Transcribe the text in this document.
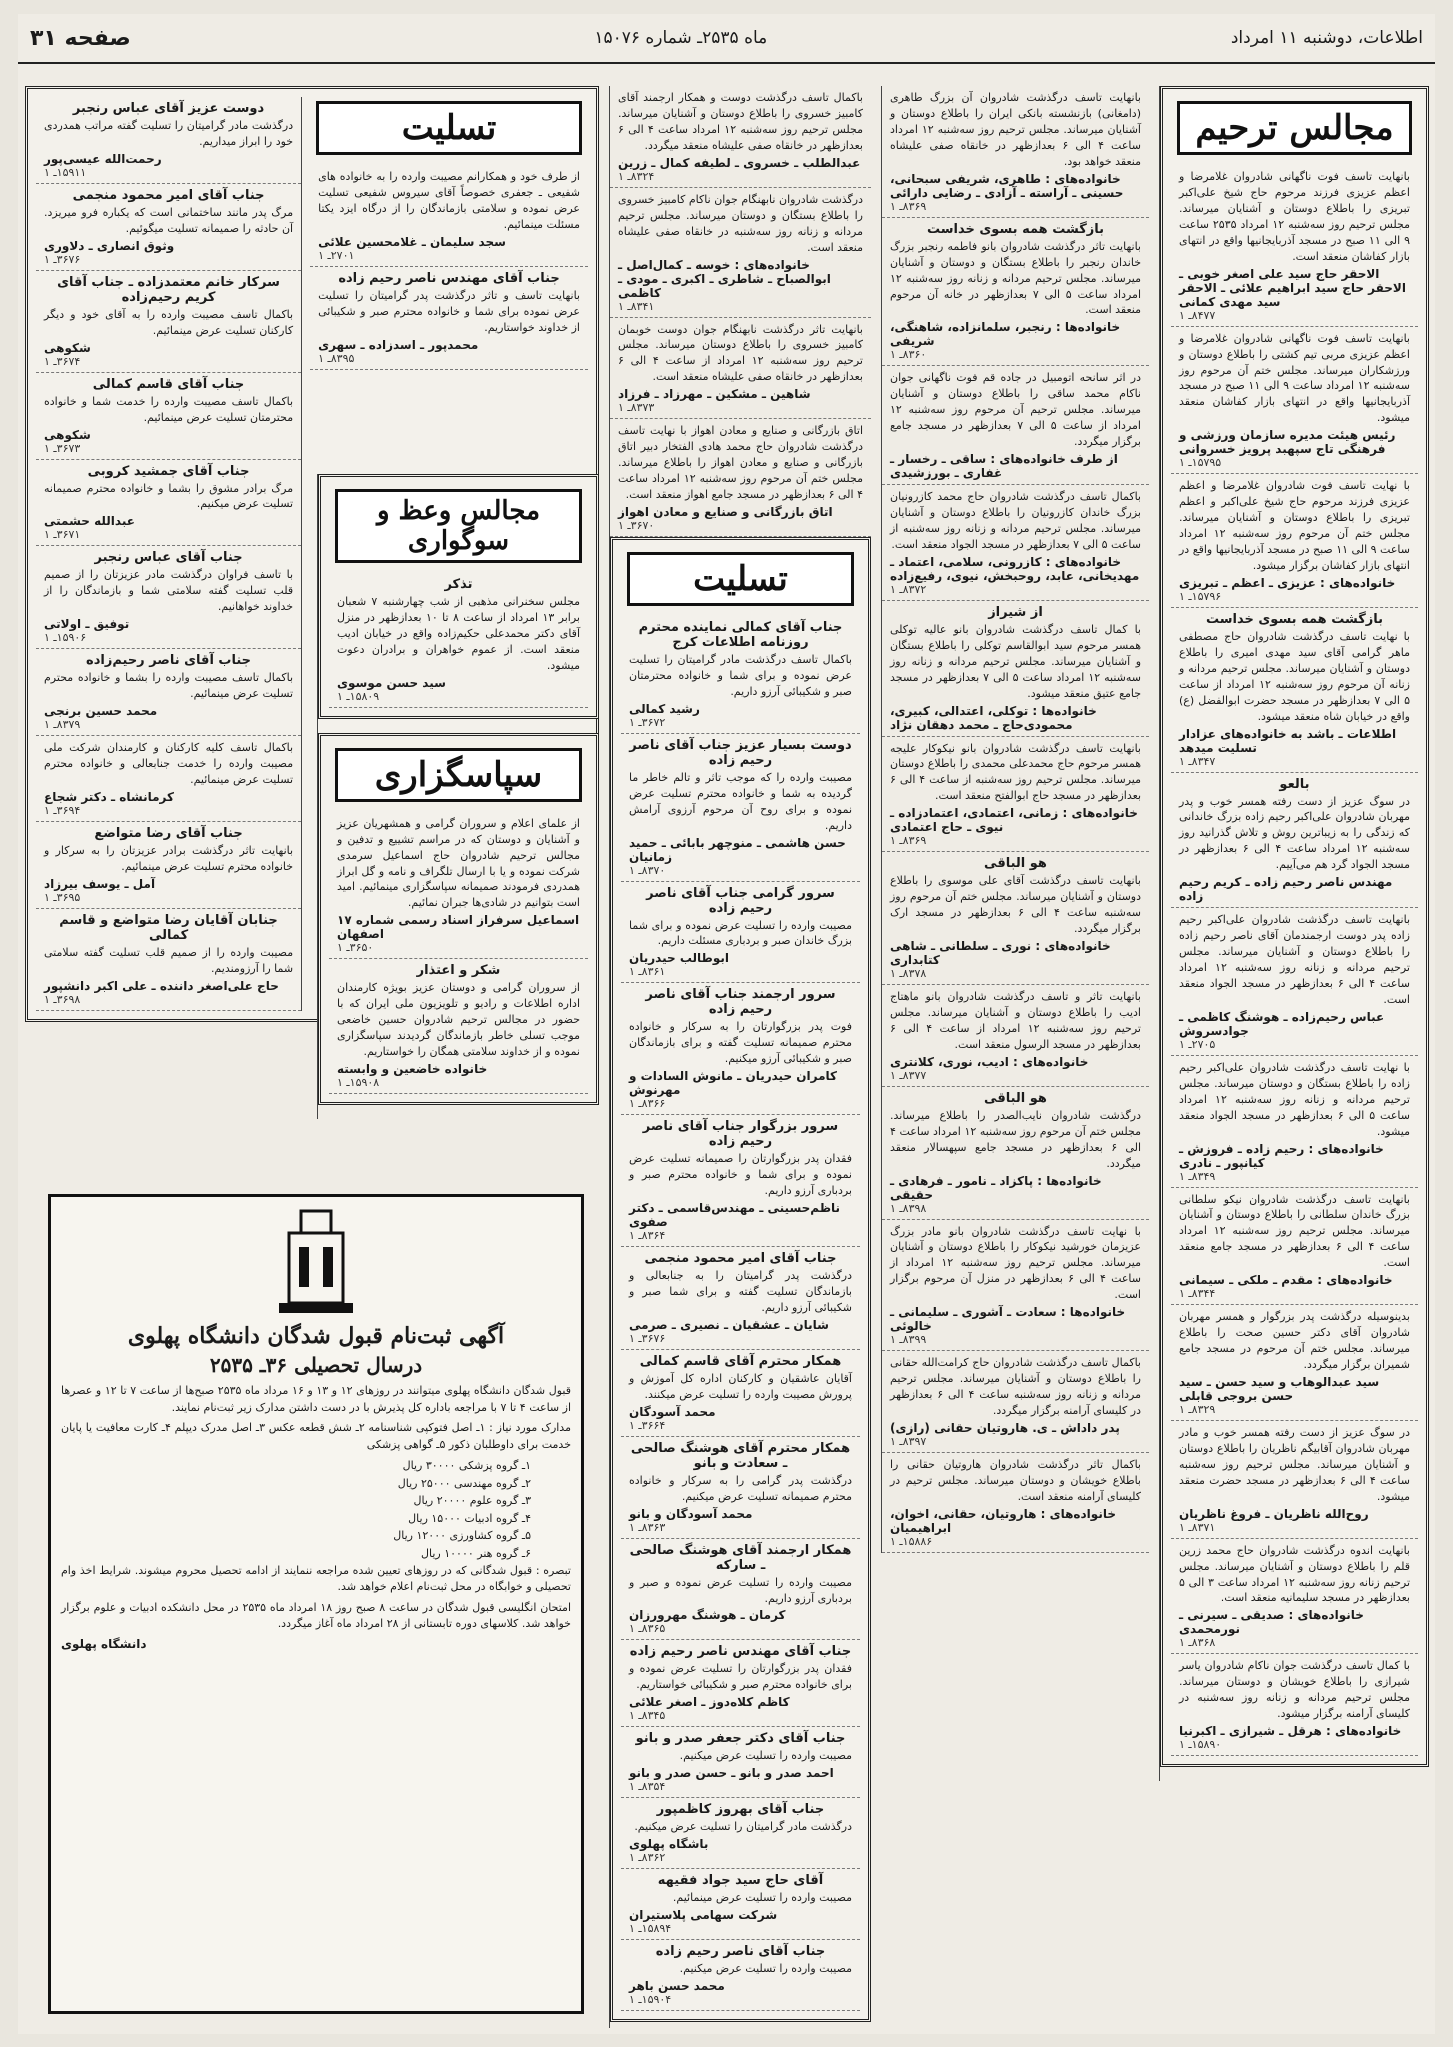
اطلاعات، دوشنبه ۱۱ امرداد
ماه ۲۵۳۵ـ شماره ۱۵۰۷۶
صفحه ۳۱
مجالس ترحیم

بانهایت تاسف فوت ناگهانی شادروان غلامرضا و اعظم عزیزی فرزند مرحوم حاج شیخ علی‌اکبر تبریزی را باطلاع دوستان و آشنایان میرساند. مجلس ترحیم روز سه‌شنبه ۱۲ امرداد ۲۵۳۵ ساعت ۹ الی ۱۱ صبح در مسجد آذربایجانیها واقع در انتهای بازار کفاشان منعقد است.

الاحقر حاج سید علی اصغر خوبی ـ الاحقر حاج سید ابراهیم علائی ـ الاحقر سید مهدی کمانی
۸۴۷۷ـ ۱

بانهایت تاسف فوت ناگهانی شادروان غلامرضا و اعظم عزیزی مربی تیم کشتی را باطلاع دوستان و ورزشکاران میرساند. مجلس ختم آن مرحوم روز سه‌شنبه ۱۲ امرداد ساعت ۹ الی ۱۱ صبح در مسجد آذربایجانیها واقع در انتهای بازار کفاشان منعقد میشود.

رئیس هیئت مدیره سازمان ورزشی و فرهنگی تاج سپهبد پرویز خسروانی
۱۵۷۹۵ـ ۱

با نهایت تاسف فوت شادروان غلامرضا و اعظم عزیزی فرزند مرحوم حاج شیخ علی‌اکبر و اعظم تبریزی را باطلاع دوستان و آشنایان میرساند. مجلس ختم آن مرحوم روز سه‌شنبه ۱۲ امرداد ساعت ۹ الی ۱۱ صبح در مسجد آذربایجانیها واقع در انتهای بازار کفاشان برگزار میشود.

خانواده‌های : عزیزی ـ اعظم ـ تبریزی
۱۵۷۹۶ـ ۱
بازگشت همه بسوی خداست

با نهایت تاسف درگذشت شادروان حاج مصطفی ماهر گرامی آقای سید مهدی امیری را باطلاع دوستان و آشنایان میرساند. مجلس ترحیم مردانه و زنانه آن مرحوم روز سه‌شنبه ۱۲ امرداد از ساعت ۵ الی ۷ بعدازظهر در مسجد حضرت ابوالفضل (ع) واقع در خیابان شاه منعقد میشود.

اطلاعات ـ باشد به خانواده‌های عزادار تسلیت میدهد
۸۳۴۷ـ ۱
بالعو

در سوگ عزیز از دست رفته همسر خوب و پدر مهربان شادروان علی‌اکبر رحیم زاده بزرگ خاندانی که زندگی را به زیباترین روش و تلاش گذرانید روز سه‌شنبه ۱۲ امرداد ساعت ۴ الی ۶ بعدازظهر در مسجد الجواد گرد هم می‌آییم.

مهندس ناصر رحیم زاده ـ کریم رحیم زاده

بانهایت تاسف درگذشت شادروان علی‌اکبر رحیم زاده پدر دوست ارجمندمان آقای ناصر رحیم زاده را باطلاع دوستان و آشنایان میرساند. مجلس ترحیم مردانه و زنانه روز سه‌شنبه ۱۲ امرداد ساعت ۴ الی ۶ بعدازظهر در مسجد الجواد منعقد است.

عباس رحیم‌زاده ـ هوشنگ کاظمی ـ جوادسروش
۲۷۰۵ـ ۱

با نهایت تاسف درگذشت شادروان علی‌اکبر رحیم زاده را باطلاع بستگان و دوستان میرساند. مجلس ترحیم مردانه و زنانه روز سه‌شنبه ۱۲ امرداد ساعت ۵ الی ۶ بعدازظهر در مسجد الجواد منعقد میشود.

خانواده‌های : رحیم زاده ـ فروزش ـ کیانپور ـ نادری
۸۳۴۹ـ ۱

بانهایت تاسف درگذشت شادروان نیکو سلطانی بزرگ خاندان سلطانی را باطلاع دوستان و آشنایان میرساند. مجلس ترحیم روز سه‌شنبه ۱۲ امرداد ساعت ۴ الی ۶ بعدازظهر در مسجد جامع منعقد است.

خانواده‌های : مقدم ـ ملکی ـ سیمانی
۸۳۴۴ـ ۱

بدینوسیله درگذشت پدر بزرگوار و همسر مهربان شادروان آقای دکتر حسین صحت را باطلاع میرساند. مجلس ختم آن مرحوم در مسجد جامع شمیران برگزار میگردد.

سید عبدالوهاب و سید حسن ـ سید حسن بروجی قابلی
۸۳۲۹ـ ۱

در سوگ عزیز از دست رفته همسر خوب و مادر مهربان شادروان آقابیگم ناظریان را باطلاع دوستان و آشنایان میرساند. مجلس ترحیم روز سه‌شنبه ساعت ۴ الی ۶ بعدازظهر در مسجد حضرت منعقد میشود.

روح‌الله ناظریان ـ فروغ ناظریان
۸۳۷۱ـ ۱

بانهایت اندوه درگذشت شادروان حاج محمد زرین قلم را باطلاع دوستان و آشنایان میرساند. مجلس ترحیم زنانه روز سه‌شنبه ۱۲ امرداد ساعت ۳ الی ۵ بعدازظهر در مسجد سلیمانیه منعقد است.

خانواده‌های : صدیقی ـ سیرنی ـ نورمحمدی
۸۳۶۸ـ ۱

با کمال تاسف درگذشت جوان ناکام شادروان یاسر شیرازی را باطلاع خویشان و دوستان میرساند. مجلس ترحیم مردانه و زنانه روز سه‌شنبه در کلیسای آرامنه برگزار میشود.

خانواده‌های : هرقل ـ شیرازی ـ اکبرنیا
۱۵۸۹۰ـ ۱

بانهایت تاسف درگذشت شادروان آن بزرگ طاهری (دامغانی) بازنشسته بانکی ایران را باطلاع دوستان و آشنایان میرساند. مجلس ترحیم روز سه‌شنبه ۱۲ امرداد ساعت ۴ الی ۶ بعدازظهر در خانقاه صفی علیشاه منعقد خواهد بود.

خانواده‌های : طاهری، شریفی سبحانی، حسینی ـ آراسته ـ آزادی ـ رضایی دارائی
۸۳۶۹ـ ۱
بازگشت همه بسوی خداست

بانهایت تاثر درگذشت شادروان بانو فاطمه رنجبر بزرگ خاندان رنجبر را باطلاع بستگان و دوستان و آشنایان میرساند. مجلس ترحیم مردانه و زنانه روز سه‌شنبه ۱۲ امرداد ساعت ۵ الی ۷ بعدازظهر در خانه آن مرحوم منعقد است.

خانواده‌ها : رنجبر، سلمانزاده، شاهنگی، شریفی
۸۳۶۰ـ ۱

در اثر سانحه اتومبیل در جاده قم فوت ناگهانی جوان ناکام محمد ساقی را باطلاع دوستان و آشنایان میرساند. مجلس ترحیم آن مرحوم روز سه‌شنبه ۱۲ امرداد از ساعت ۵ الی ۷ بعدازظهر در مسجد جامع برگزار میگردد.

از طرف خانواده‌های : ساقی ـ رخسار ـ غفاری ـ بورزشیدی

باکمال تاسف درگذشت شادروان حاج محمد کازرونیان بزرگ خاندان کازرونیان را باطلاع دوستان و آشنایان میرساند. مجلس ترحیم مردانه و زنانه روز سه‌شنبه از ساعت ۵ الی ۷ بعدازظهر در مسجد الجواد منعقد است.

خانواده‌های : کازرونی، سلامی، اعتماد ـ مهدیخانی، عابد، روحبخش، نیوی، رفیع‌زاده
۸۳۷۲ـ ۱
از شیراز

با کمال تاسف درگذشت شادروان بانو عالیه توکلی همسر مرحوم سید ابوالقاسم توکلی را باطلاع بستگان و آشنایان میرساند. مجلس ترحیم مردانه و زنانه روز سه‌شنبه ۱۲ امرداد ساعت ۵ الی ۷ بعدازظهر در مسجد جامع عتیق منعقد میشود.

خانواده‌ها : توکلی، اعتدالی، کبیری، محمودی‌حاج ـ محمد دهقان نژاد

بانهایت تاسف درگذشت شادروان بانو نیکوکار علیجه همسر مرحوم حاج محمدعلی محمدی را باطلاع دوستان میرساند. مجلس ترحیم روز سه‌شنبه از ساعت ۴ الی ۶ بعدازظهر در مسجد حاج ابوالفتح منعقد است.

خانواده‌های : زمانی، اعتمادی، اعتمادزاده ـ نیوی ـ حاج اعتمادی
۸۳۶۹ـ ۱
هو الباقی

بانهایت تاسف درگذشت آقای علی موسوی را باطلاع دوستان و آشنایان میرساند. مجلس ختم آن مرحوم روز سه‌شنبه ساعت ۴ الی ۶ بعدازظهر در مسجد ارک برگزار میگردد.

خانواده‌های : نوری ـ سلطانی ـ شاهی کتابداری
۸۳۷۸ـ ۱

بانهایت تاثر و تاسف درگذشت شادروان بانو ماهتاج ادیب را باطلاع دوستان و آشنایان میرساند. مجلس ترحیم روز سه‌شنبه ۱۲ امرداد از ساعت ۴ الی ۶ بعدازظهر در مسجد الرسول منعقد است.

خانواده‌های : ادیب، نوری، کلانتری
۸۳۷۷ـ ۱
هو الباقی

درگذشت شادروان نایب‌الصدر را باطلاع میرساند. مجلس ختم آن مرحوم روز سه‌شنبه ۱۲ امرداد ساعت ۴ الی ۶ بعدازظهر در مسجد جامع سپهسالار منعقد میگردد.

خانواده‌ها : پاکزاد ـ نامور ـ فرهادی ـ حقیقی
۸۳۹۸ـ ۱

با نهایت تاسف درگذشت شادروان بانو مادر بزرگ عزیزمان خورشید نیکوکار را باطلاع دوستان و آشنایان میرساند. مجلس ترحیم روز سه‌شنبه ۱۲ امرداد از ساعت ۴ الی ۶ بعدازظهر در منزل آن مرحوم برگزار است.

خانواده‌ها : سعادت ـ آشوری ـ سلیمانی ـ خالوئی
۸۳۹۹ـ ۱

باکمال تاسف درگذشت شادروان حاج کرامت‌الله حقانی را باطلاع دوستان و آشنایان میرساند. مجلس ترحیم مردانه و زنانه روز سه‌شنبه ساعت ۴ الی ۶ بعدازظهر در کلیسای آرامنه برگزار میگردد.

پدر داداش ـ ی. هاروتیان حقانی (رازی)
۸۳۹۷ـ ۱

باکمال تاثر درگذشت شادروان هاروتیان حقانی را باطلاع خویشان و دوستان میرساند. مجلس ترحیم در کلیسای آرامنه منعقد است.

خانواده‌های : هاروتیان، حقانی، اخوان، ابراهیمیان
۱۵۸۸۶ـ ۱

باکمال تاسف درگذشت دوست و همکار ارجمند آقای کامبیز خسروی را باطلاع دوستان و آشنایان میرساند. مجلس ترحیم روز سه‌شنبه ۱۲ امرداد ساعت ۴ الی ۶ بعدازظهر در خانقاه صفی علیشاه منعقد میگردد.

عبدالطلب ـ خسروی ـ لطیفه کمال ـ زرین
۸۳۲۴ـ ۱

درگذشت شادروان نابهنگام جوان ناکام کامبیز خسروی را باطلاع بستگان و دوستان میرساند. مجلس ترحیم مردانه و زنانه روز سه‌شنبه در خانقاه صفی علیشاه منعقد است.

خانواده‌های : خوسه ـ کمال‌اصل ـ ابوالصباح ـ شاطری ـ اکبری ـ مودی ـ کاظمی
۸۳۴۱ـ ۱

بانهایت تاثر درگذشت نابهنگام جوان دوست خوبمان کامبیز خسروی را باطلاع دوستان میرساند. مجلس ترحیم روز سه‌شنبه ۱۲ امرداد از ساعت ۴ الی ۶ بعدازظهر در خانقاه صفی علیشاه منعقد است.

شاهین ـ مشکین ـ مهرزاد ـ فرزاد
۸۳۷۳ـ ۱

اتاق بازرگانی و صنایع و معادن اهواز با نهایت تاسف درگذشت شادروان حاج محمد هادی الفتخار دبیر اتاق بازرگانی و صنایع و معادن اهواز را باطلاع میرساند. مجلس ختم آن مرحوم روز سه‌شنبه ۱۲ امرداد ساعت ۴ الی ۶ بعدازظهر در مسجد جامع اهواز منعقد است.

اتاق بازرگانی و صنایع و معادن اهواز
۳۶۷۰ـ ۱
تسلیت
جناب آقای کمالی نماینده محترم روزنامه اطلاعات کرج

باکمال تاسف درگذشت مادر گرامیتان را تسلیت عرض نموده و برای شما و خانواده محترمتان صبر و شکیبائی آرزو داریم.

رشید کمالی
۳۶۷۲ـ ۱
دوست بسیار عزیز جناب آقای ناصر رحیم زاده

مصیبت وارده را که موجب تاثر و تالم خاطر ما گردیده به شما و خانواده محترم تسلیت عرض نموده و برای روح آن مرحوم آرزوی آرامش داریم.

حسن هاشمی ـ منوچهر بابائی ـ حمید زمانیان
۸۳۷۰ـ ۱
سرور گرامی جناب آقای ناصر رحیم زاده

مصیبت وارده را تسلیت عرض نموده و برای شما بزرگ خاندان صبر و بردباری مسئلت داریم.

ابوطالب حیدریان
۸۳۶۱ـ ۱
سرور ارجمند جناب آقای ناصر رحیم زاده

فوت پدر بزرگوارتان را به سرکار و خانواده محترم صمیمانه تسلیت گفته و برای بازماندگان صبر و شکیبائی آرزو میکنیم.

کامران حیدریان ـ مانوش السادات و مهرنوش
۸۳۶۶ـ ۱
سرور بزرگوار جناب آقای ناصر رحیم زاده

فقدان پدر بزرگوارتان را صمیمانه تسلیت عرض نموده و برای شما و خانواده محترم صبر و بردباری آرزو داریم.

ناظم‌حسینی ـ مهندس‌قاسمی ـ دکتر صفوی
۸۳۶۴ـ ۱
جناب آقای امیر محمود منجمی

درگذشت پدر گرامیتان را به جنابعالی و بازماندگان تسلیت گفته و برای شما صبر و شکیبائی آرزو داریم.

شایان ـ عشقیان ـ نصیری ـ صرمی
۳۶۷۶ـ ۱
همکار محترم آقای قاسم کمالی

آقایان عاشقیان و کارکنان اداره کل آموزش و پرورش مصیبت وارده را تسلیت عرض میکنند.

محمد آسودگان
۳۶۶۴ـ ۱
همکار محترم آقای هوشنگ صالحی ـ سعادت و بانو

درگذشت پدر گرامی را به سرکار و خانواده محترم صمیمانه تسلیت عرض میکنیم.

محمد آسودگان و بانو
۸۳۶۳ـ ۱
همکار ارجمند آقای هوشنگ صالحی ـ سارکه

مصیبت وارده را تسلیت عرض نموده و صبر و بردباری آرزو داریم.

کرمان ـ هوشنگ مهرورزان
۸۳۶۵ـ ۱
جناب آقای مهندس ناصر رحیم زاده

فقدان پدر بزرگوارتان را تسلیت عرض نموده و برای خانواده محترم صبر و شکیبائی خواستاریم.

کاظم کلاه‌دوز ـ اصغر علائی
۸۳۴۵ـ ۱
جناب آقای دکتر جعفر صدر و بانو

مصیبت وارده را تسلیت عرض میکنیم.

احمد صدر و بانو ـ حسن صدر و بانو
۸۳۵۴ـ ۱
جناب آقای بهروز کاظمپور

درگذشت مادر گرامیتان را تسلیت عرض میکنیم.

باشگاه پهلوی
۸۳۶۲ـ ۱
آقای حاج سید جواد فقیهه

مصیبت وارده را تسلیت عرض مینمائیم.

شرکت سهامی پلاستیران
۱۵۸۹۴ـ ۱
جناب آقای ناصر رحیم زاده

مصیبت وارده را تسلیت عرض میکنیم.

محمد حسن باهر
۱۵۹۰۴ـ ۱
تسلیت

از طرف خود و همکارانم مصیبت وارده را به خانواده های شفیعی ـ جعفری خصوصاً آقای سیروس شفیعی تسلیت عرض نموده و سلامتی بازماندگان را از درگاه ایزد یکتا مسئلت مینمائیم.

سجد سلیمان ـ غلامحسین علائی
۲۷۰۱ـ ۱
جناب آقای مهندس ناصر رحیم زاده

بانهایت تاسف و تاثر درگذشت پدر گرامیتان را تسلیت عرض نموده برای شما و خانواده محترم صبر و شکیبائی از خداوند خواستاریم.

محمدپور ـ اسدزاده ـ سهری
۸۳۹۵ـ ۱
دوست عزیز آقای عباس رنجبر

درگذشت مادر گرامیتان را تسلیت گفته مراتب همدردی خود را ابراز میداریم.

رحمت‌الله عیسی‌پور
۱۵۹۱۱ـ ۱
جناب آقای امیر محمود منجمی

مرگ پدر مانند ساختمانی است که یکباره فرو میریزد. آن حادثه را صمیمانه تسلیت میگوئیم.

وثوق انصاری ـ دلاوری
۳۶۷۶ـ ۱
سرکار خانم معتمدزاده ـ جناب آقای کریم رحیم‌زاده

باکمال تاسف مصیبت وارده را به آقای خود و دیگر کارکنان تسلیت عرض مینمائیم.

شکوهی
۳۶۷۴ـ ۱
جناب آقای قاسم کمالی

باکمال تاسف مصیبت وارده را خدمت شما و خانواده محترمتان تسلیت عرض مینمائیم.

شکوهی
۳۶۷۳ـ ۱
جناب آقای جمشید کروبی

مرگ برادر مشوق را بشما و خانواده محترم صمیمانه تسلیت عرض میکنیم.

عبدالله حشمتی
۳۶۷۱ـ ۱
جناب آقای عباس رنجبر

با تاسف فراوان درگذشت مادر عزیزتان را از صمیم قلب تسلیت گفته سلامتی شما و بازماندگان را از خداوند خواهانیم.

توفیق ـ اولاتی
۱۵۹۰۶ـ ۱
جناب آقای ناصر رحیم‌زاده

باکمال تاسف مصیبت وارده را بشما و خانواده محترم تسلیت عرض مینمائیم.

محمد حسین برنجی
۸۳۷۹ـ ۱

باکمال تاسف کلیه کارکنان و کارمندان شرکت ملی مصیبت وارده را خدمت جنابعالی و خانواده محترم تسلیت عرض مینمائیم.

کرمانشاه ـ دکتر شجاع
۳۶۹۴ـ ۱
جناب آقای رضا متواضع

بانهایت تاثر درگذشت برادر عزیزتان را به سرکار و خانواده محترم تسلیت عرض مینمائیم.

آمل ـ یوسف بیرزاد
۳۶۹۵ـ ۱
جنابان آقایان رضا متواضع و قاسم کمالی

مصیبت وارده را از صمیم قلب تسلیت گفته سلامتی شما را آرزومندیم.

حاج علی‌اصغر داننده ـ علی اکبر دانشپور
۳۶۹۸ـ ۱
مجالس وعظ و سوگواری
تذکر

مجلس سخنرانی مذهبی از شب چهارشنبه ۷ شعبان برابر ۱۳ امرداد از ساعت ۸ تا ۱۰ بعدازظهر در منزل آقای دکتر محمدعلی حکیم‌زاده واقع در خیابان ادیب منعقد است. از عموم خواهران و برادران دعوت میشود.

سید حسن موسوی
۱۵۸۰۹ـ ۱
سپاسگزاری

از علمای اعلام و سروران گرامی و همشهریان عزیز و آشنایان و دوستان که در مراسم تشییع و تدفین و مجالس ترحیم شادروان حاج اسماعیل سرمدی شرکت نموده و یا با ارسال تلگراف و نامه و گل ابراز همدردی فرمودند صمیمانه سپاسگزاری مینمائیم. امید است بتوانیم در شادی‌ها جبران نمائیم.

اسماعیل سرفراز اسناد رسمی شماره ۱۷ اصفهان
۳۶۵۰ـ ۱
شکر و اعتذار

از سروران گرامی و دوستان عزیز بویژه کارمندان اداره اطلاعات و رادیو و تلویزیون ملی ایران که با حضور در مجالس ترحیم شادروان حسین خاضعی موجب تسلی خاطر بازماندگان گردیدند سپاسگزاری نموده و از خداوند سلامتی همگان را خواستاریم.

خانواده خاضعین و وابسته
۱۵۹۰۸ـ ۱
آگهی ثبت‌نام قبول شدگان دانشگاه پهلوی
درسال تحصیلی ۳۶ـ ۲۵۳۵

قبول شدگان دانشگاه پهلوی میتوانند در روزهای ۱۲ و ۱۳ و ۱۶ مرداد ماه ۲۵۳۵ صبح‌ها از ساعت ۷ تا ۱۲ و عصرها از ساعت ۴ تا ۷ با مراجعه باداره کل پذیرش با در دست داشتن مدارک زیر ثبت‌نام نمایند.

مدارک مورد نیاز : ۱ـ اصل فتوکپی شناسنامه ۲ـ شش قطعه عکس ۳ـ اصل مدرک دیپلم ۴ـ کارت معافیت یا پایان خدمت برای داوطلبان ذکور ۵ـ گواهی پزشکی

۱ـ گروه پزشکی ۳۰۰۰۰ ریال
۲ـ گروه مهندسی ۲۵۰۰۰ ریال
۳ـ گروه علوم ۲۰۰۰۰ ریال
۴ـ گروه ادبیات ۱۵۰۰۰ ریال
۵ـ گروه کشاورزی ۱۲۰۰۰ ریال
۶ـ گروه هنر ۱۰۰۰۰ ریال

تبصره : قبول شدگانی که در روزهای تعیین شده مراجعه ننمایند از ادامه تحصیل محروم میشوند. شرایط اخذ وام تحصیلی و خوابگاه در محل ثبت‌نام اعلام خواهد شد.

امتحان انگلیسی قبول شدگان در ساعت ۸ صبح روز ۱۸ امرداد ماه ۲۵۳۵ در محل دانشکده ادبیات و علوم برگزار خواهد شد. کلاسهای دوره تابستانی از ۲۸ امرداد ماه آغاز میگردد.

دانشگاه پهلوی
